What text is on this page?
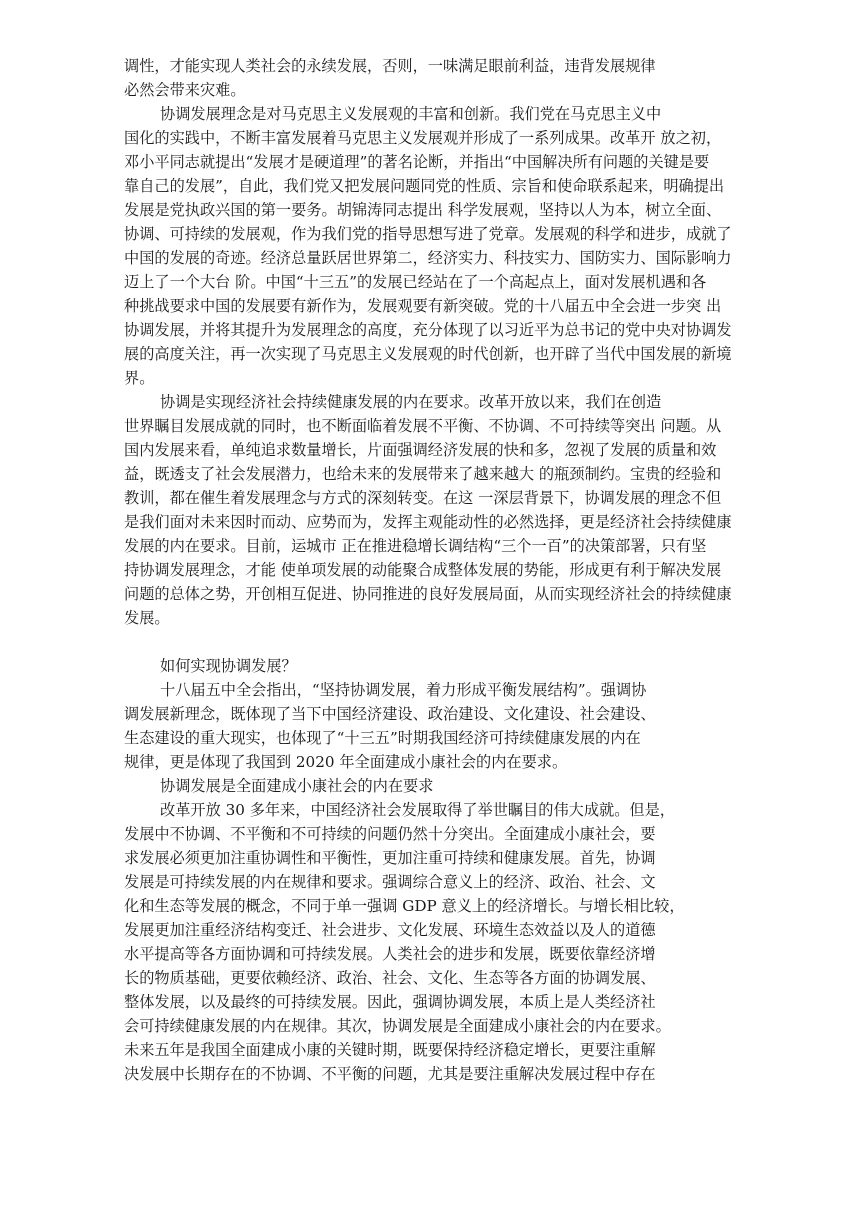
调性，才能实现人类社会的永续发展，否则，一味满足眼前利益，违背发展规律
必然会带来灾难。
协调发展理念是对马克思主义发展观的丰富和创新。我们党在马克思主义中
国化的实践中，不断丰富发展着马克思主义发展观并形成了一系列成果。改革开 放之初，
邓小平同志就提出“发展才是硬道理”的著名论断，并指出“中国解决所有问题的关键是要
靠自己的发展”，自此，我们党又把发展问题同党的性质、宗旨和使命联系起来，明确提出
发展是党执政兴国的第一要务。胡锦涛同志提出 科学发展观，坚持以人为本，树立全面、
协调、可持续的发展观，作为我们党的指导思想写进了党章。发展观的科学和进步，成就了
中国的发展的奇迹。经济总量跃居世界第二，经济实力、科技实力、国防实力、国际影响力
迈上了一个大台 阶。中国“十三五”的发展已经站在了一个高起点上，面对发展机遇和各
种挑战要求中国的发展要有新作为，发展观要有新突破。党的十八届五中全会进一步突 出
协调发展，并将其提升为发展理念的高度，充分体现了以习近平为总书记的党中央对协调发
展的高度关注，再一次实现了马克思主义发展观的时代创新，也开辟了当代中国发展的新境
界。
协调是实现经济社会持续健康发展的内在要求。改革开放以来，我们在创造
世界瞩目发展成就的同时，也不断面临着发展不平衡、不协调、不可持续等突出 问题。从
国内发展来看，单纯追求数量增长，片面强调经济发展的快和多，忽视了发展的质量和效
益，既透支了社会发展潜力，也给未来的发展带来了越来越大 的瓶颈制约。宝贵的经验和
教训，都在催生着发展理念与方式的深刻转变。在这 一深层背景下，协调发展的理念不但
是我们面对未来因时而动、应势而为，发挥主观能动性的必然选择，更是经济社会持续健康
发展的内在要求。目前，运城市 正在推进稳增长调结构“三个一百”的决策部署，只有坚
持协调发展理念，才能 使单项发展的动能聚合成整体发展的势能，形成更有利于解决发展
问题的总体之势，开创相互促进、协同推进的良好发展局面，从而实现经济社会的持续健康
发展。
如何实现协调发展？
十八届五中全会指出，“坚持协调发展，着力形成平衡发展结构”。强调协
调发展新理念，既体现了当下中国经济建设、政治建设、文化建设、社会建设、
生态建设的重大现实，也体现了“十三五”时期我国经济可持续健康发展的内在
规律，更是体现了我国到 2020 年全面建成小康社会的内在要求。
协调发展是全面建成小康社会的内在要求
改革开放 30 多年来，中国经济社会发展取得了举世瞩目的伟大成就。但是，
发展中不协调、不平衡和不可持续的问题仍然十分突出。全面建成小康社会，要
求发展必须更加注重协调性和平衡性，更加注重可持续和健康发展。首先，协调
发展是可持续发展的内在规律和要求。强调综合意义上的经济、政治、社会、文
化和生态等发展的概念，不同于单一强调 GDP 意义上的经济增长。与增长相比较，
发展更加注重经济结构变迁、社会进步、文化发展、环境生态效益以及人的道德
水平提高等各方面协调和可持续发展。人类社会的进步和发展，既要依靠经济增
长的物质基础，更要依赖经济、政治、社会、文化、生态等各方面的协调发展、
整体发展，以及最终的可持续发展。因此，强调协调发展，本质上是人类经济社
会可持续健康发展的内在规律。其次，协调发展是全面建成小康社会的内在要求。
未来五年是我国全面建成小康的关键时期，既要保持经济稳定增长，更要注重解
决发展中长期存在的不协调、不平衡的问题，尤其是要注重解决发展过程中存在
